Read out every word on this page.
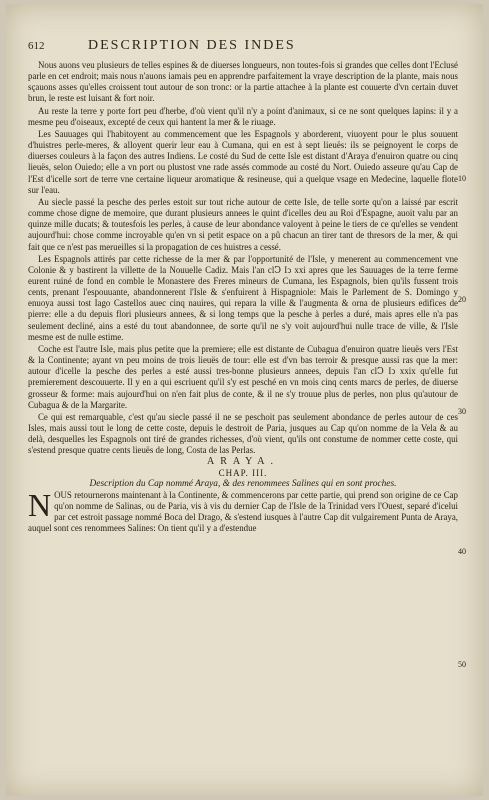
612	DESCRIPTION DES INDES

Nous auons veu plusieurs de telles espines & de diuerses longueurs, non toutes-fois si grandes que celles dont l'Eclusé parle en cet endroit; mais nous n'auons iamais peu en apprendre parfaitement la vraye description de la plante, mais nous sçauons asses qu'elles croissent tout autour de son tronc: or la partie attachee à la plante est couuerte d'vn certain duvet brun, le reste est luisant & fort noir.

Au reste la terre y porte fort peu d'herbe, d'où vient qu'il n'y a point d'animaux, si ce ne sont quelques lapins: il y a mesme peu d'oiseaux, excepté de ceux qui hantent la mer & le riuage.

Les Sauuages qui l'habitoyent au commencement que les Espagnols y aborderent, viuoyent pour le plus souuent d'huistres perle-meres, & alloyent querir leur eau à Cumana, qui en est à sept lieuës: ils se peignoyent le corps de diuerses couleurs à la façon des autres Indiens. Le costé du Sud de cette Isle est distant d'Araya d'enuiron quatre ou cinq lieuës, selon Ouiedo; elle a vn port ou plustost vne rade assés commode au costé du Nort. Ouiedo asseure qu'au Cap de l'Est d'icelle sort de terre vne certaine liqueur aromatique & resineuse, qui a quelque vsage en Medecine, laquelle flote sur l'eau.

Au siecle passé la pesche des perles estoit sur tout riche autour de cette Isle, de telle sorte qu'on a laissé par escrit comme chose digne de memoire, que durant plusieurs annees le quint d'icelles deu au Roi d'Espagne, auoit valu par an quinze mille ducats; & toutesfois les perles, à cause de leur abondance valoyent à peine le tiers de ce qu'elles se vendent aujourd'hui: chose comme incroyable qu'en vn si petit espace on a pû chacun an tirer tant de thresors de la mer, & qui fait que ce n'est pas merueilles si la propagation de ces huistres a cessé.

Les Espagnols attirés par cette richesse de la mer & par l'opportunité de l'Isle, y menerent au commencement vne Colonie & y bastirent la villette de la Nouuelle Cadiz. Mais l'an clↃ Iↄ xxi apres que les Sauuages de la terre ferme eurent ruiné de fond en comble le Monastere des Freres mineurs de Cumana, les Espagnols, bien qu'ils fussent trois cents, prenant l'espouuante, abandonnerent l'Isle & s'enfuirent à Hispagniole: Mais le Parlement de S. Domingo y enuoya aussi tost Iago Castellos auec cinq nauires, qui repara la ville & l'augmenta & orna de plusieurs edifices de pierre: elle a du depuis flori plusieurs annees, & si long temps que la pesche à perles a duré, mais apres elle n'a pas seulement decliné, ains a esté du tout abandonnee, de sorte qu'il ne s'y voit aujourd'hui nulle trace de ville, & l'Isle mesme est de nulle estime.

Coche est l'autre Isle, mais plus petite que la premiere; elle est distante de Cubagua d'enuiron quatre lieuës vers l'Est & la Continente; ayant vn peu moins de trois lieuës de tour: elle est d'vn bas terroir & presque aussi ras que la mer: autour d'icelle la pesche des perles a esté aussi tres-bonne plusieurs annees, depuis l'an clↃ Iↄ xxix qu'elle fut premierement descouuerte. Il y en a qui escriuent qu'il s'y est pesché en vn mois cinq cents marcs de perles, de diuerse grosseur & forme: mais aujourd'hui on n'en fait plus de conte, & il ne s'y trouue plus de perles, non plus qu'autour de Cubagua & de la Margarite.

Ce qui est remarquable, c'est qu'au siecle passé il ne se peschoit pas seulement abondance de perles autour de ces Isles, mais aussi tout le long de cette coste, depuis le destroit de Paria, jusques au Cap qu'on nomme de la Vela & au delà, desquelles les Espagnols ont tiré de grandes richesses, d'où vient, qu'ils ont constume de nommer cette coste, qui s'estend presque quatre cents lieuës de long, Costa de las Perlas.

ARAYA.

CHAP. III.

Description du Cap nommé Araya, & des renommees Salines qui en sont proches.

NOUS retournerons maintenant à la Continente, & commencerons par cette partie, qui prend son origine de ce Cap qu'on nomme de Salinas, ou de Paria, vis à vis du dernier Cap de l'Isle de la Trinidad vers l'Ouest, separé d'icelui par cet estroit passage nommé Boca del Drago, & s'estend iusques à l'autre Cap dit vulgairement Punta de Araya, auquel sont ces renommees Salines: On tient qu'il y a d'estendue

10
20
30
40
50
